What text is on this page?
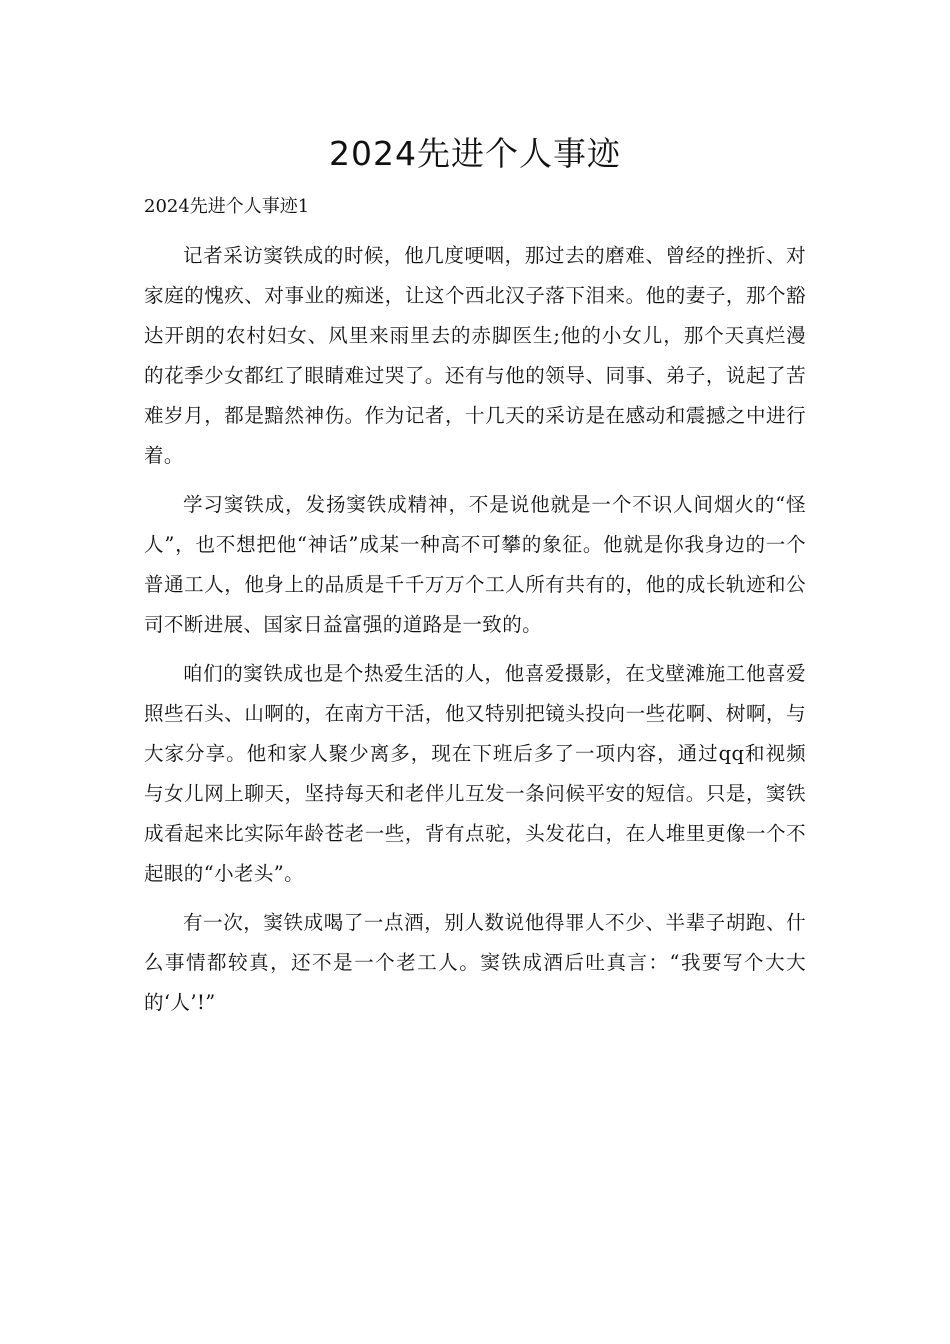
2024先进个人事迹

2024先进个人事迹1

记者采访窦铁成的时候，他几度哽咽，那过去的磨难、曾经的挫折、对家庭的愧疚、对事业的痴迷，让这个西北汉子落下泪来。他的妻子，那个豁达开朗的农村妇女、风里来雨里去的赤脚医生;他的小女儿，那个天真烂漫的花季少女都红了眼睛难过哭了。还有与他的领导、同事、弟子，说起了苦难岁月，都是黯然神伤。作为记者，十几天的采访是在感动和震撼之中进行着。

学习窦铁成，发扬窦铁成精神，不是说他就是一个不识人间烟火的“怪人”，也不想把他“神话”成某一种高不可攀的象征。他就是你我身边的一个普通工人，他身上的品质是千千万万个工人所有共有的，他的成长轨迹和公司不断进展、国家日益富强的道路是一致的。

咱们的窦铁成也是个热爱生活的人，他喜爱摄影，在戈壁滩施工他喜爱照些石头、山啊的，在南方干活，他又特别把镜头投向一些花啊、树啊，与大家分享。他和家人聚少离多，现在下班后多了一项内容，通过qq和视频与女儿网上聊天，坚持每天和老伴儿互发一条问候平安的短信。只是，窦铁成看起来比实际年龄苍老一些，背有点驼，头发花白，在人堆里更像一个不起眼的“小老头”。

有一次，窦铁成喝了一点酒，别人数说他得罪人不少、半辈子胡跑、什么事情都较真，还不是一个老工人。窦铁成酒后吐真言：“我要写个大大的‘人’!”
